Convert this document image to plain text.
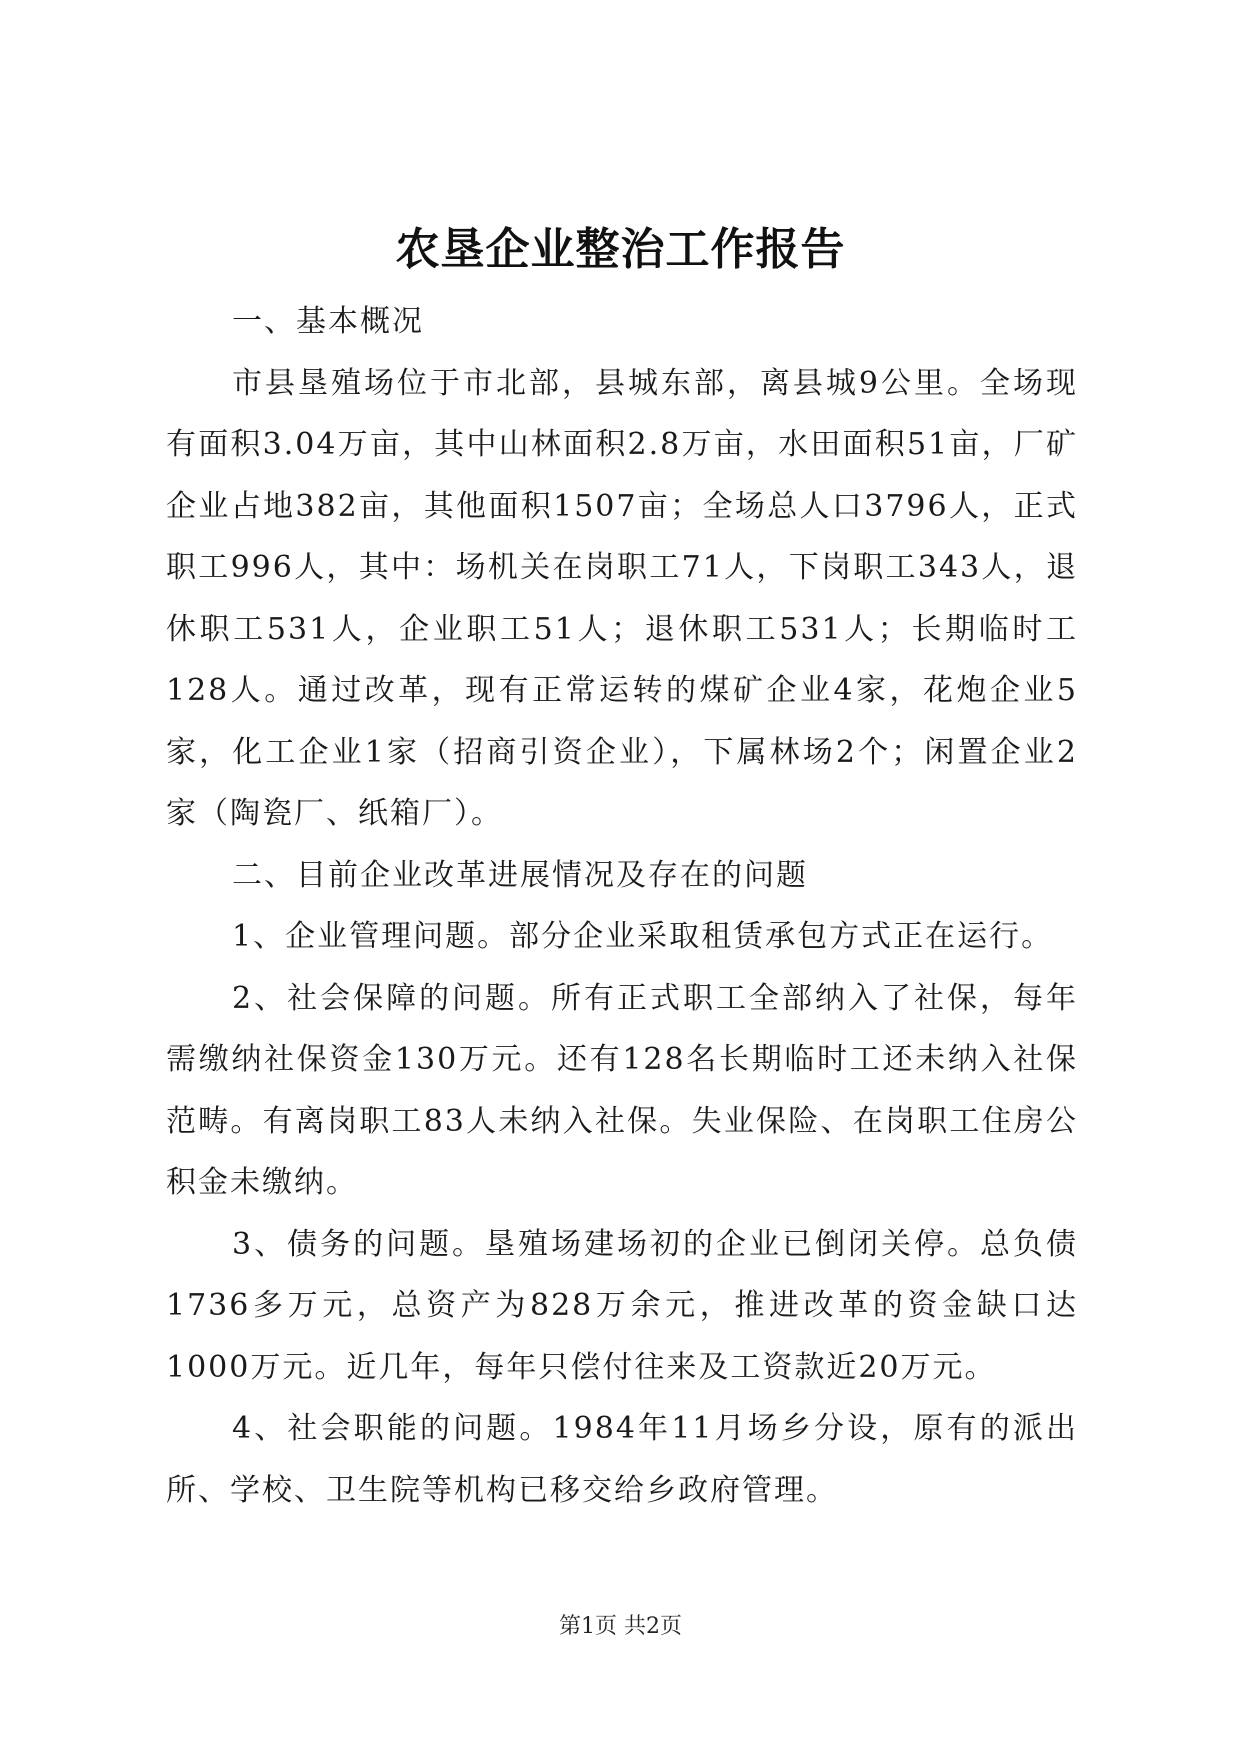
农垦企业整治工作报告

一、基本概况

市县垦殖场位于市北部，县城东部，离县城9公里。全场现有面积3.04万亩，其中山林面积2.8万亩，水田面积51亩，厂矿企业占地382亩，其他面积1507亩；全场总人口3796人，正式职工996人，其中：场机关在岗职工71人，下岗职工343人，退休职工531人，企业职工51人；退休职工531人；长期临时工128人。通过改革，现有正常运转的煤矿企业4家，花炮企业5家，化工企业1家（招商引资企业），下属林场2个；闲置企业2家（陶瓷厂、纸箱厂）。

二、目前企业改革进展情况及存在的问题

1、企业管理问题。部分企业采取租赁承包方式正在运行。

2、社会保障的问题。所有正式职工全部纳入了社保，每年需缴纳社保资金130万元。还有128名长期临时工还未纳入社保范畴。有离岗职工83人未纳入社保。失业保险、在岗职工住房公积金未缴纳。

3、债务的问题。垦殖场建场初的企业已倒闭关停。总负债1736多万元，总资产为828万余元，推进改革的资金缺口达1000万元。近几年，每年只偿付往来及工资款近20万元。

4、社会职能的问题。1984年11月场乡分设，原有的派出所、学校、卫生院等机构已移交给乡政府管理。

第1页 共2页
